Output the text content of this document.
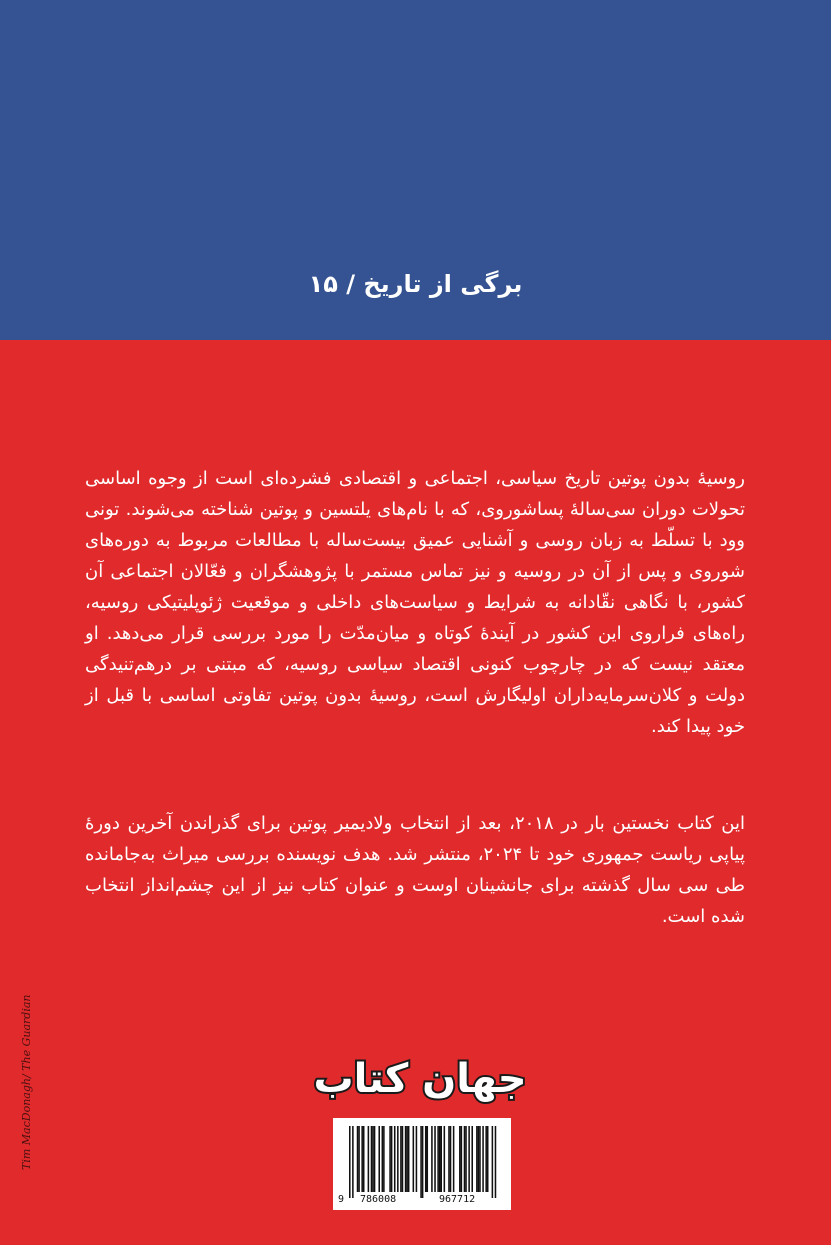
برگی از تاریخ / ۱۵

روسیهٔ بدون پوتین تاریخ سیاسی، اجتماعی و اقتصادی فشرده‌ای است از وجوه اساسی تحولات دوران سی‌سالهٔ پساشوروی، که با نام‌های یلتسین و پوتین شناخته می‌شوند. تونی وود با تسلّط به زبان روسی و آشنایی عمیق بیست‌ساله با مطالعات مربوط به دوره‌های شوروی و پس از آن در روسیه و نیز تماس مستمر با پژوهشگران و فعّالان اجتماعی آن کشور، با نگاهی نقّادانه به شرایط و سیاست‌های داخلی و موقعیت ژئوپلیتیکی روسیه، راه‌های فراروی این کشور در آیندهٔ کوتاه و میان‌مدّت را مورد بررسی قرار می‌دهد. او معتقد نیست که در چارچوب کنونی اقتصاد سیاسی روسیه، که مبتنی بر درهم‌تنیدگی دولت و کلان‌سرمایه‌داران اولیگارش است، روسیهٔ بدون پوتین تفاوتی اساسی با قبل از خود پیدا کند.

این کتاب نخستین بار در ۲۰۱۸، بعد از انتخاب ولادیمیر پوتین برای گذراندن آخرین دورهٔ پیاپی ریاست جمهوری خود تا ۲۰۲۴، منتشر شد. هدف نویسنده بررسی میراث به‌جامانده طی سی سال گذشته برای جانشینان اوست و عنوان کتاب نیز از این چشم‌انداز انتخاب شده است.

Tim MacDonagh/ The Guardian	جهان کتاب
9 786008	967712
